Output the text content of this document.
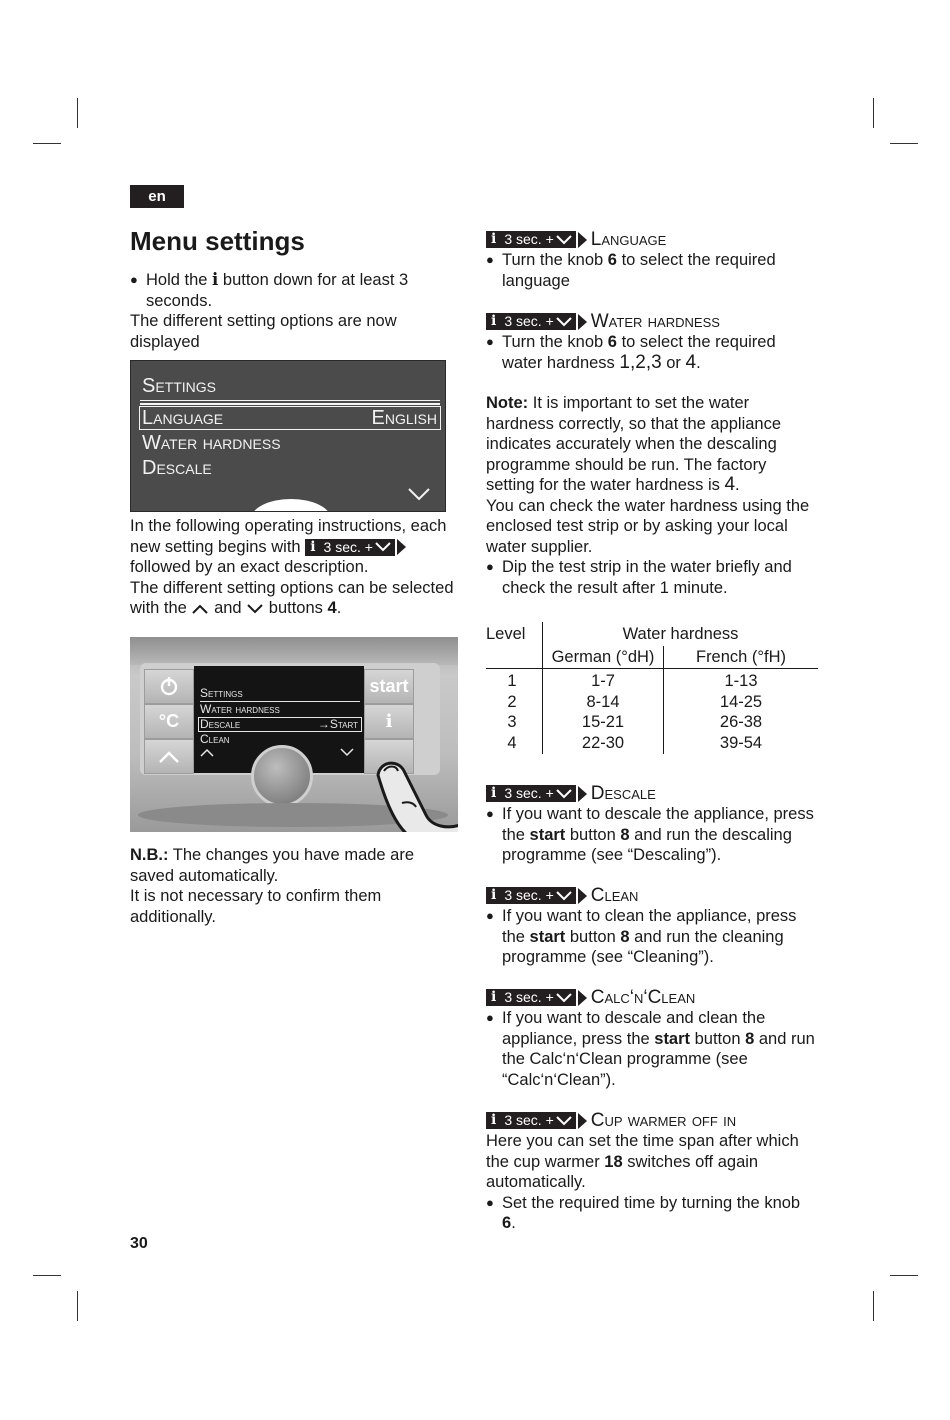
en
Menu settings

● Hold the i button down for at least 3 seconds.

The different setting options are now displayed

Settings
Language	English
Water hardness
Descale

In the following operating instructions, each new setting begins with i 3 sec. +

followed by an exact description.

The different setting options can be selected with the and buttons 4.

°C
Settings
Water hardness
Descale	→Start
Clean
start
i

N.B.: The changes you have made are saved automatically.

It is not necessary to confirm them additionally.

i 3 sec. + Language

● Turn the knob 6 to select the required language

i 3 sec. + Water hardness

● Turn the knob 6 to select the required water hardness 1,2,3 or 4.

Note: It is important to set the water hardness correctly, so that the appliance indicates accurately when the descaling programme should be run. The factory setting for the water hardness is 4.

You can check the water hardness using the enclosed test strip or by asking your local water supplier.

● Dip the test strip in the water briefly and check the result after 1 minute.

Level	Water hardness
German (°dH)	French (°fH)
1	1-7	1-13
2	8-14	14-25
3	15-21	26-38
4	22-30	39-54
i 3 sec. + Descale

● If you want to descale the appliance, press the start button 8 and run the descaling programme (see “Descaling”).

i 3 sec. + Clean

● If you want to clean the appliance, press the start button 8 and run the cleaning programme (see “Cleaning”).

i 3 sec. + Calc‘n‘Clean

● If you want to descale and clean the appliance, press the start button 8 and run the Calc‘n‘Clean programme (see “Calc‘n‘Clean”).

i 3 sec. + Cup warmer off in

Here you can set the time span after which the cup warmer 18 switches off again automatically.

● Set the required time by turning the knob 6.

30
